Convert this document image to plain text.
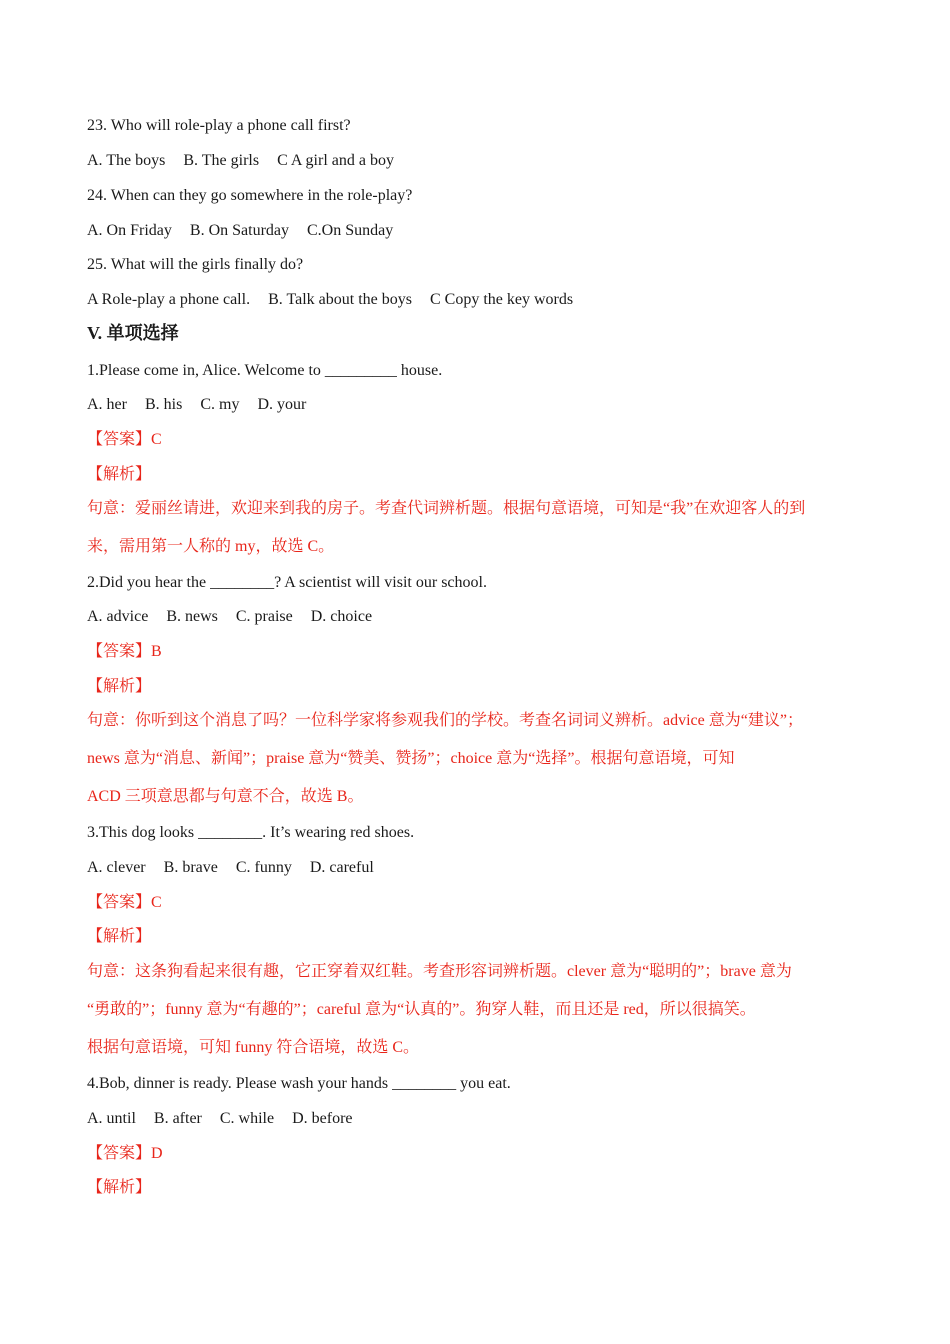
23. Who will role-play a phone call first?
A. The boys B. The girls C A girl and a boy
24. When can they go somewhere in the role-play?
A. On Friday B. On Saturday C.On Sunday
25. What will the girls finally do?
A Role-play a phone call. B. Talk about the boys C Copy the key words
V. 单项选择
1.Please come in, Alice. Welcome to _________ house.
A. her B. his C. my D. your
【答案】C
【解析】
句意：爱丽丝请进，欢迎来到我的房子。考查代词辨析题。根据句意语境，可知是“我”在欢迎客人的到
来，需用第一人称的 my，故选 C。
2.Did you hear the ________? A scientist will visit our school.
A. advice B. news C. praise D. choice
【答案】B
【解析】
句意：你听到这个消息了吗？一位科学家将参观我们的学校。考查名词词义辨析。advice 意为“建议”；
news 意为“消息、新闻”；praise 意为“赞美、赞扬”；choice 意为“选择”。根据句意语境，可知
ACD 三项意思都与句意不合，故选 B。
3.This dog looks ________. It’s wearing red shoes.
A. clever B. brave C. funny D. careful
【答案】C
【解析】
句意：这条狗看起来很有趣，它正穿着双红鞋。考查形容词辨析题。clever 意为“聪明的”；brave 意为
“勇敢的”；funny 意为“有趣的”；careful 意为“认真的”。狗穿人鞋，而且还是 red，所以很搞笑。
根据句意语境，可知 funny 符合语境，故选 C。
4.Bob, dinner is ready. Please wash your hands ________ you eat.
A. until B. after C. while D. before
【答案】D
【解析】
